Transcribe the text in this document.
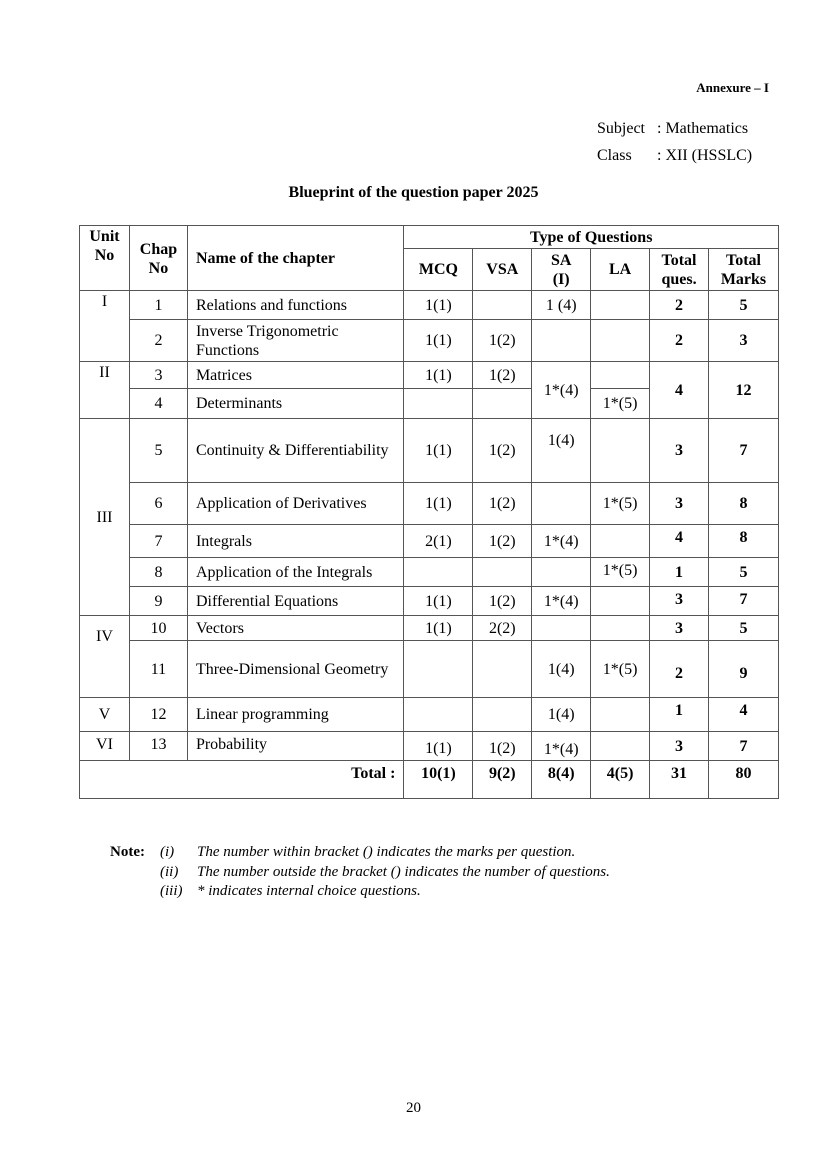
Annexure – I
Subject : Mathematics
Class : XII (HSSLC)
Blueprint of the question paper 2025
Unit No	Chap No	Name of the chapter	Type of Questions					
			MCQ	VSA	SA (I)	LA	Total ques.	Total Marks
I	1	Relations and functions	1(1)		1 (4)		2	5
	2	Inverse Trigonometric Functions	1(1)	1(2)			2	3
II	3	Matrices	1(1)	1(2)	1*(4)		4	12
	4	Determinants				1*(5)		
III	5	Continuity & Differentiability	1(1)	1(2)	1(4)		3	7
	6	Application of Derivatives	1(1)	1(2)		1*(5)	3	8
	7	Integrals	2(1)	1(2)	1*(4)		4	8
	8	Application of the Integrals				1*(5)	1	5
	9	Differential Equations	1(1)	1(2)	1*(4)		3	7
IV	10	Vectors	1(1)	2(2)			3	5
	11	Three-Dimensional Geometry			1(4)	1*(5)	2	9
V	12	Linear programming			1(4)		1	4
VI	13	Probability	1(1)	1(2)	1*(4)		3	7
Total :			10(1)	9(2)	8(4)	4(5)	31	80
Note: (i) The number within bracket () indicates the marks per question.
(ii) The number outside the bracket () indicates the number of questions.
(iii) * indicates internal choice questions.
20
